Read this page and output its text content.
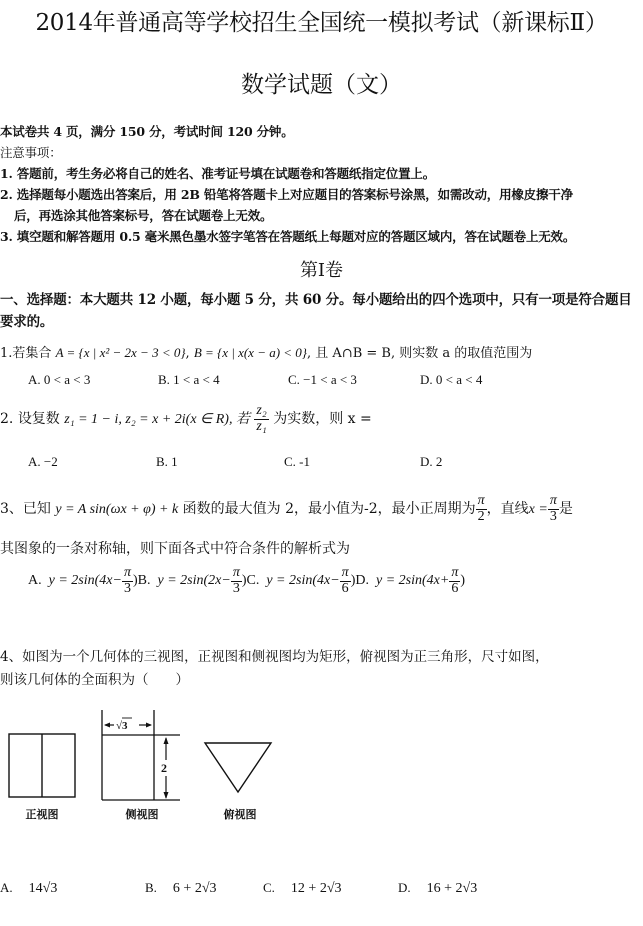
2014年普通高等学校招生全国统一模拟考试（新课标Ⅱ）
数学试题（文）
本试卷共 4 页，满分 150 分，考试时间 120 分钟。
注意事项：
1. 答题前，考生务必将自己的姓名、准考证号填在试题卷和答题纸指定位置上。
2. 选择题每小题选出答案后，用 2B 铅笔将答题卡上对应题目的答案标号涂黑，如需改动，用橡皮擦干净
后，再选涂其他答案标号，答在试题卷上无效。
3. 填空题和解答题用 0.5 毫米黑色墨水签字笔答在答题纸上每题对应的答题区域内，答在试题卷上无效。
第Ⅰ卷
一、选择题：本大题共 12 小题，每小题 5 分，共 60 分。每小题给出的四个选项中，只有一项是符合题目
要求的。
1.若集合 A = {x | x² − 2x − 3 < 0}, B = {x | x(x − a) < 0}, 且 A∩B = B, 则实数 a 的取值范围为
A. 0 < a < 3	B. 1 < a < 4	C. −1 < a < 3	D. 0 < a < 4
2. 设复数 z₁ = 1 − i, z₂ = x + 2i(x ∈ R), 若 $\frac{\text{z₂}}{\text{z₁}}$ 为实数，则 x =
A. −2	B. 1	C. -1	D. 2
3、已知 y = A sin(ωx + φ) + k 函数的最大值为 2，最小值为-2，最小正周期为 $\frac{\pi}{2}$ ，直线$x = \frac{\pi}{3}$ 是
其图象的一条对称轴，则下面各式中符合条件的解析式为
A. $y = 2\sin(4x- \frac{\pi}{3} )B$. $y = 2\sin(2x- \frac{\pi}{3} )C$. $y = 2\sin(4x- \frac{\pi}{6} )D$. $y = 2\sin(4x+ \frac{\pi}{6}$ )
4、如图为一个几何体的三视图，正视图和侧视图均为矩形，俯视图为正三角形，尺寸如图，
则该几何体的全面积为（　　）
正视图
√3
2
侧视图	俯视图
A. 14√3	B. 6 + 2√3	C. 12 + 2√3	D. 16 + 2√3
